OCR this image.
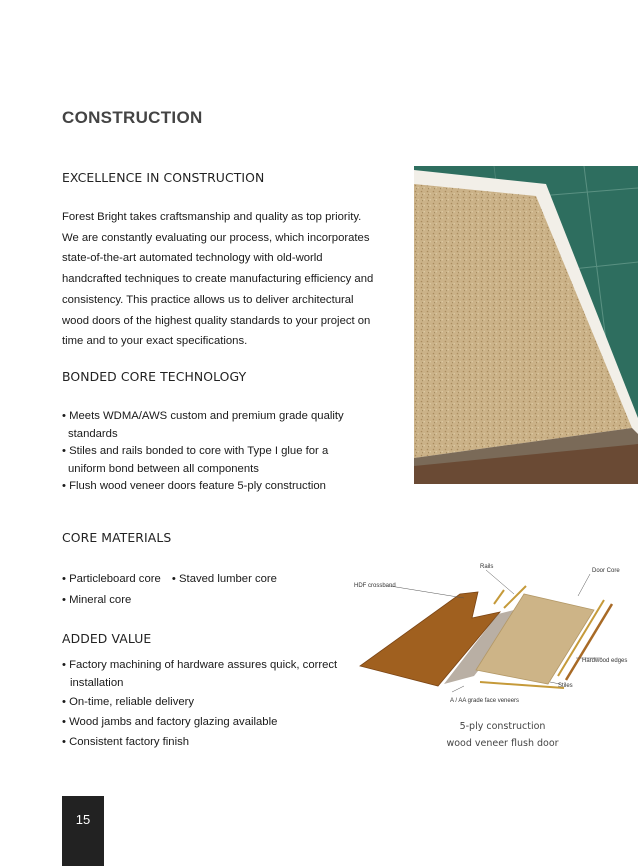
CONSTRUCTION
EXCELLENCE IN CONSTRUCTION

Forest Bright takes craftsmanship and quality as top priority.

We are constantly evaluating our process, which incorporates

state-of-the-art automated technology with old-world

handcrafted techniques to create manufacturing efficiency and

consistency. This practice allows us to deliver architectural

wood doors of the highest quality standards to your project on

time and to your exact specifications.

BONDED CORE TECHNOLOGY
• Meets WDMA/AWS custom and premium grade quality
standards
• Stiles and rails bonded to core with Type I glue for a
uniform bond between all components
• Flush wood veneer doors feature 5-ply construction
CORE MATERIALS
• Particleboard core • Staved lumber core
• Mineral core
ADDED VALUE
• Factory machining of hardware assures quick, correct
installation
• On-time, reliable delivery
• Wood jambs and factory glazing available
• Consistent factory finish
Rails
Door Core
HDF crossband
Hardwood edges
Stiles
A / AA grade face veneers
5-ply construction
wood veneer flush door
15
